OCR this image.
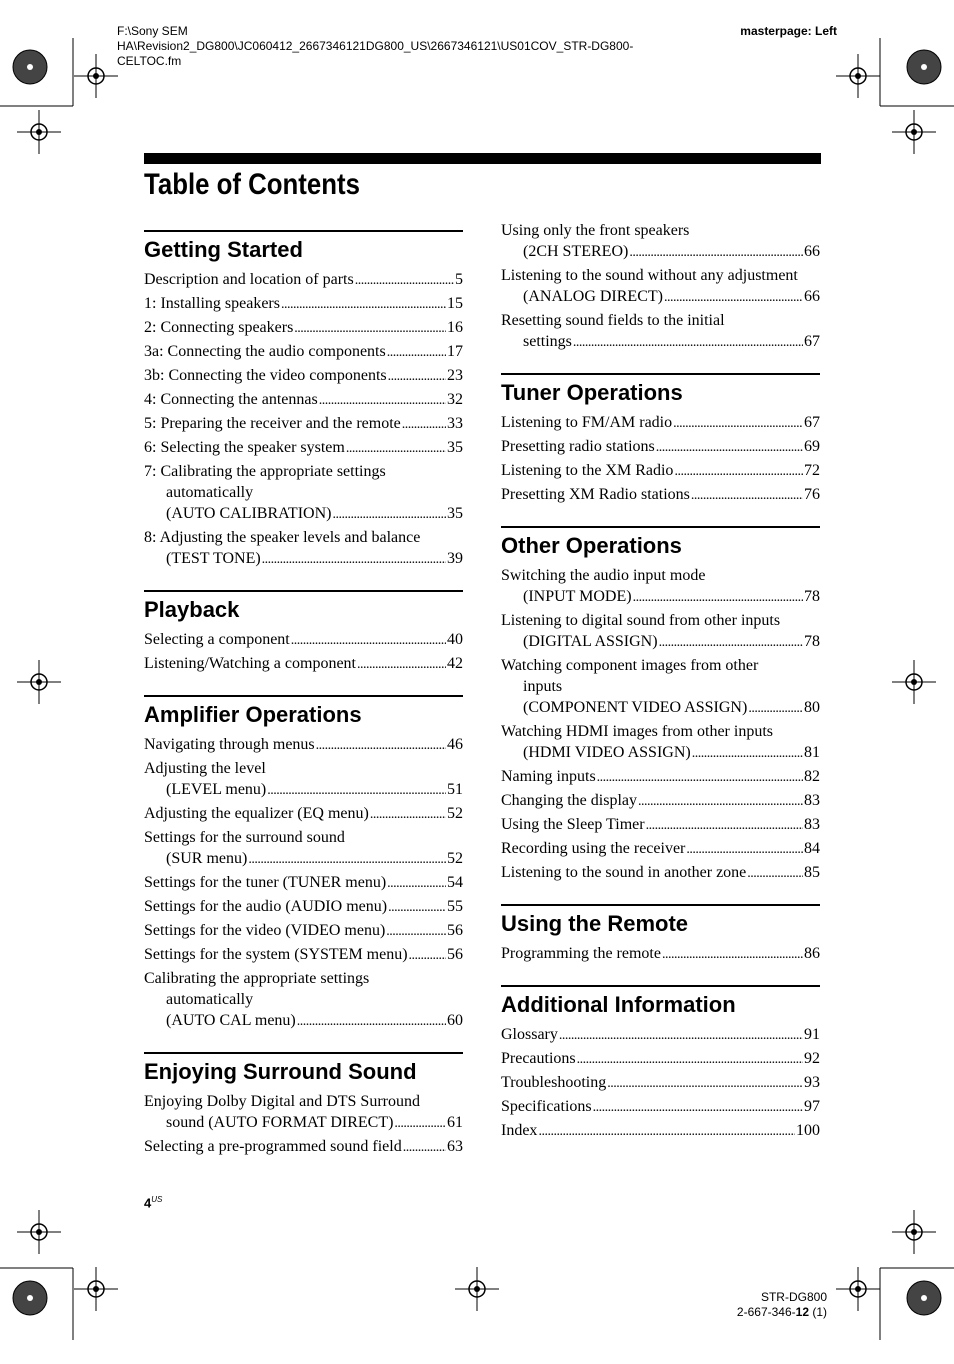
F:\Sony SEM
HA\Revision2_DG800\JC060412_2667346121DG800_US\2667346121\US01COV_STR-DG800-
CELTOC.fm
masterpage: Left
Table of Contents
Getting Started
Description and location of parts . . .	5
1: Installing speakers . . .	15
2: Connecting speakers . . .	16
3a: Connecting the audio components . . .	17
3b: Connecting the video components . . .	23
4: Connecting the antennas . . .	32
5: Preparing the receiver and the remote . . .	33
6: Selecting the speaker system . . .	35
7: Calibrating the appropriate settings
automatically
(AUTO CALIBRATION) . . .	35
8: Adjusting the speaker levels and balance
(TEST TONE) . . .	39
Playback
Selecting a component . . .	40
Listening/Watching a component . . .	42
Amplifier Operations
Navigating through menus . . .	46
Adjusting the level
(LEVEL menu) . . .	51
Adjusting the equalizer (EQ menu) . . .	52
Settings for the surround sound
(SUR menu) . . .	52
Settings for the tuner (TUNER menu) . . .	54
Settings for the audio (AUDIO menu) . . .	55
Settings for the video (VIDEO menu) . . .	56
Settings for the system (SYSTEM menu) . . . 56
Calibrating the appropriate settings
automatically
(AUTO CAL menu) . . .	60
Enjoying Surround Sound
Enjoying Dolby Digital and DTS Surround
sound (AUTO FORMAT DIRECT) . . .	61
Selecting a pre-programmed sound field . . .	63
Using only the front speakers
(2CH STEREO) . . .	66
Listening to the sound without any adjustment
(ANALOG DIRECT) . . .	66
Resetting sound fields to the initial
settings . . .	67
Tuner Operations
Listening to FM/AM radio . . .	67
Presetting radio stations . . .	69
Listening to the XM Radio . . .	72
Presetting XM Radio stations . . .	76
Other Operations
Switching the audio input mode
(INPUT MODE) . . .	78
Listening to digital sound from other inputs
(DIGITAL ASSIGN) . . .	78
Watching component images from other
inputs
(COMPONENT VIDEO ASSIGN) . . .	80
Watching HDMI images from other inputs
(HDMI VIDEO ASSIGN) . . .	81
Naming inputs . . .	82
Changing the display . . .	83
Using the Sleep Timer . . .	83
Recording using the receiver . . .	84
Listening to the sound in another zone . . .	85
Using the Remote
Programming the remote . . .	86
Additional Information
Glossary . . .	91
Precautions . . .	92
Troubleshooting . . .	93
Specifications . . .	97
Index . . .	100
$4^{US}$
STR-DG800
2-667-346-12 (1)
